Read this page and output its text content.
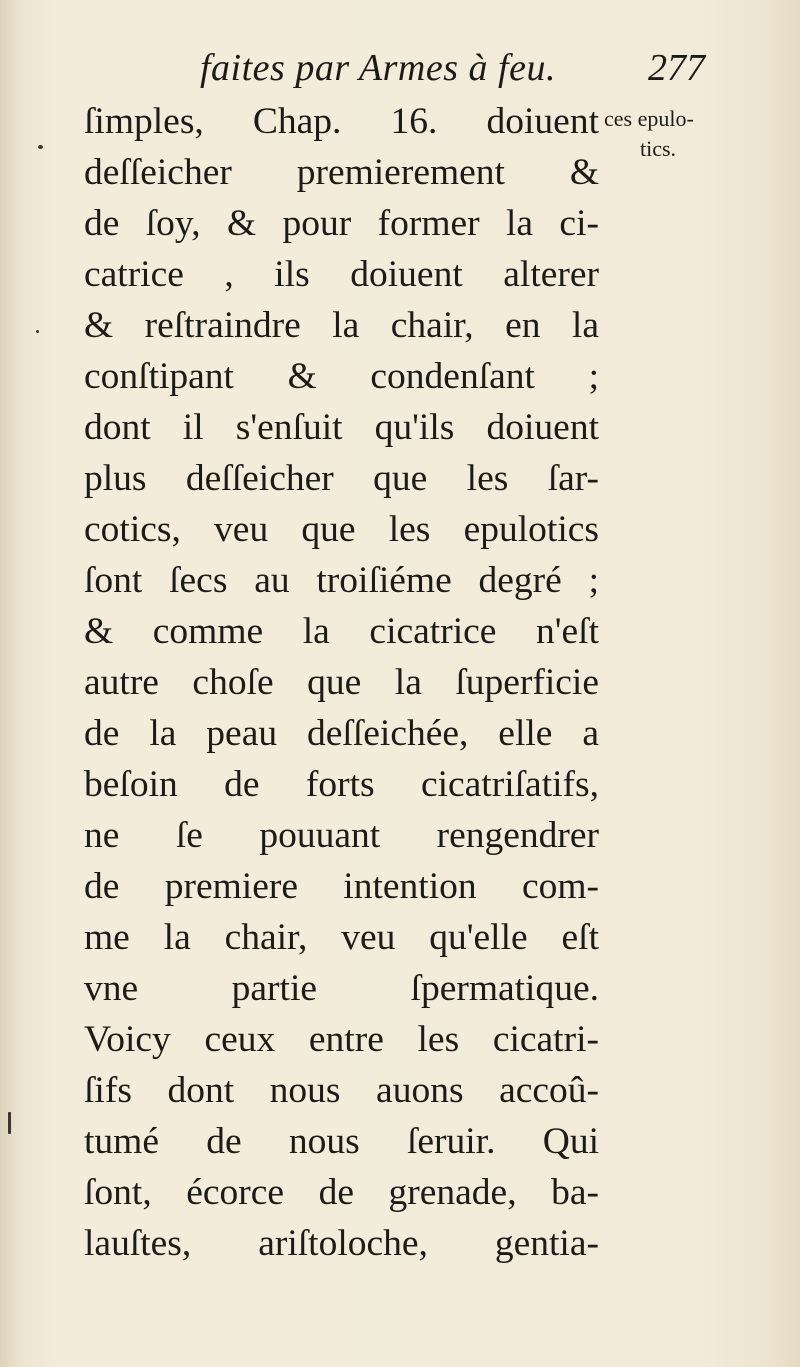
faites par Armes à feu. 277
ſimples, Chap. 16. doiuent
deſſeicher premierement &
de ſoy, & pour former la ci-
catrice , ils doiuent alterer
& reſtraindre la chair, en la
conſtipant & condenſant ;
dont il s'enſuit qu'ils doiuent
plus deſſeicher que les ſar-
cotics, veu que les epulotics
ſont ſecs au troiſiéme degré ;
& comme la cicatrice n'eſt
autre choſe que la ſuperficie
de la peau deſſeichée, elle a
beſoin de forts cicatriſatifs,
ne ſe pouuant rengendrer
de premiere intention com-
me la chair, veu qu'elle eſt
vne partie ſpermatique.
Voicy ceux entre les cicatri-
ſifs dont nous auons accoû-
tumé de nous ſeruir. Qui
ſont, écorce de grenade, ba-
lauſtes, ariſtoloche, gentia-
ces epulo-
tics.
